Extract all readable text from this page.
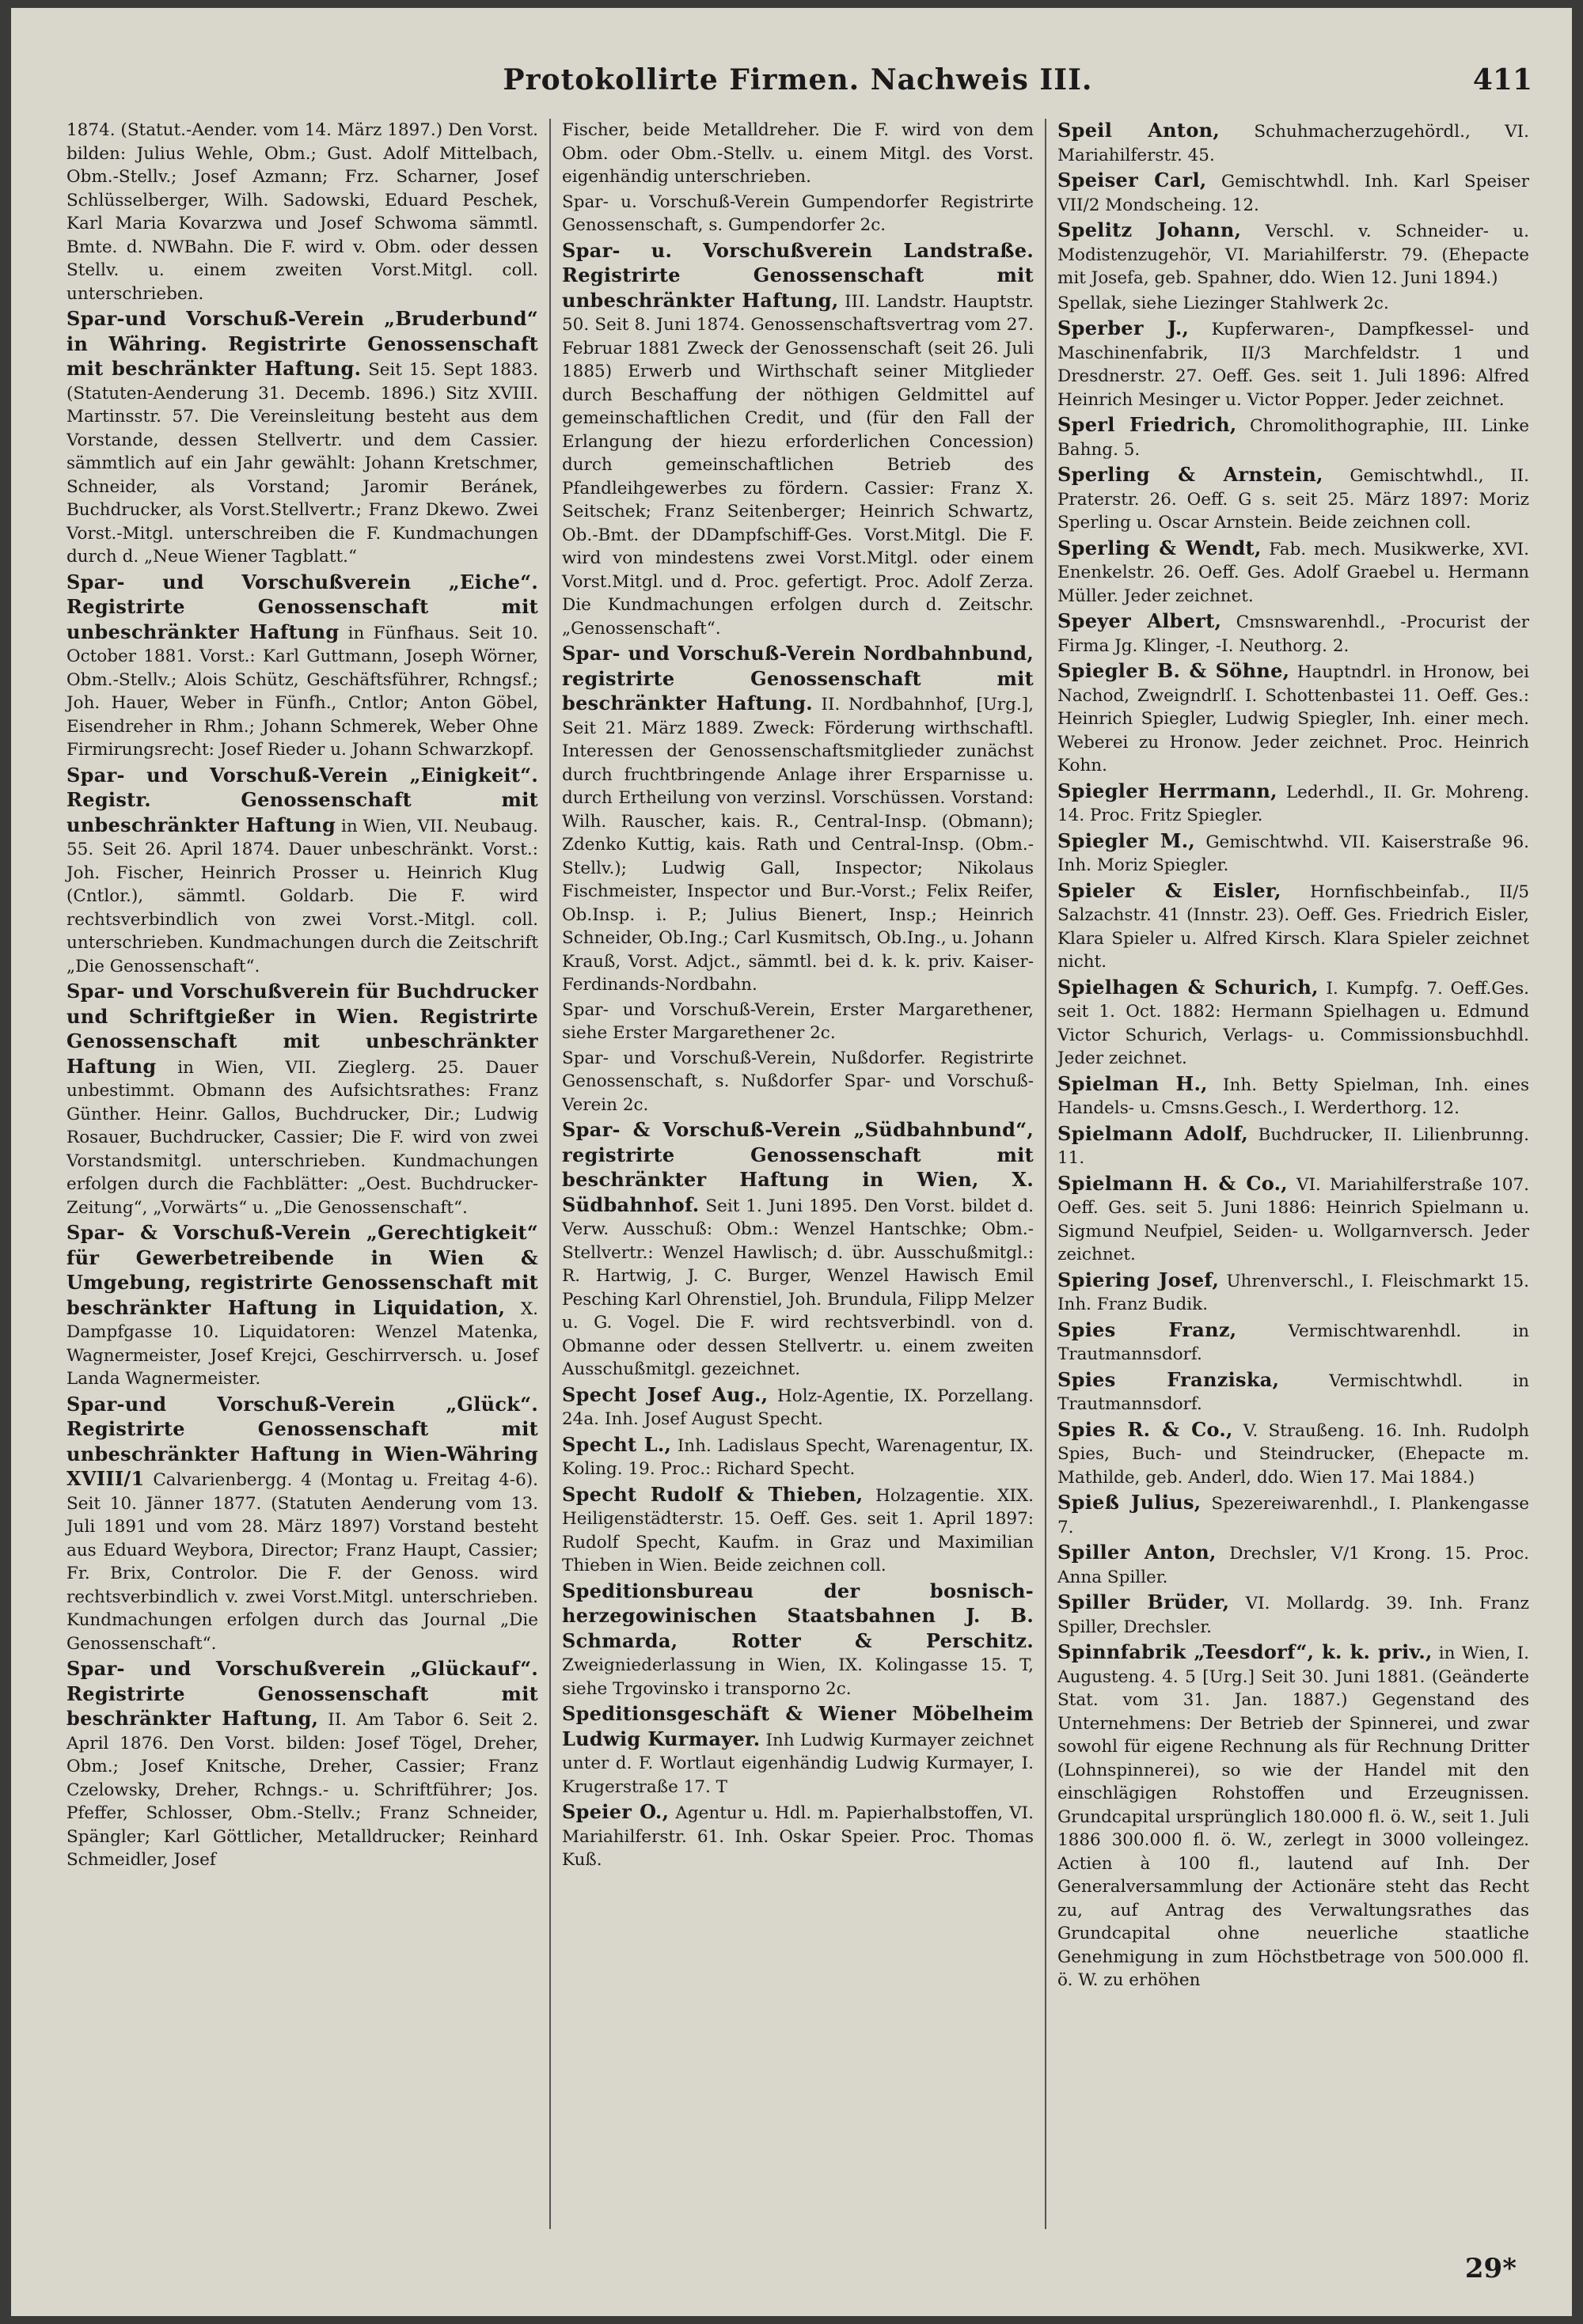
Protokollirte Firmen. Nachweis III.	411

1874. (Statut.-Aender. vom 14. März 1897.) Den Vorst. bilden: Julius Wehle, Obm.; Gust. Adolf Mittelbach, Obm.-Stellv.; Josef Azmann; Frz. Scharner, Josef Schlüsselberger, Wilh. Sadowski, Eduard Peschek, Karl Maria Kovarzwa und Josef Schwoma sämmtl. Bmte. d. NWBahn. Die F. wird v. Obm. oder dessen Stellv. u. einem zweiten Vorst.Mitgl. coll. unterschrieben.

Spar-und Vorschuß-Verein „Bruderbund“ in Währing. Registrirte Genossenschaft mit beschränkter Haftung. Seit 15. Sept 1883. (Statuten-Aenderung 31. Decemb. 1896.) Sitz XVIII. Martinsstr. 57. Die Vereinsleitung besteht aus dem Vorstande, dessen Stellvertr. und dem Cassier. sämmtlich auf ein Jahr gewählt: Johann Kretschmer, Schneider, als Vorstand; Jaromir Beránek, Buchdrucker, als Vorst.Stellvertr.; Franz Dkewo. Zwei Vorst.-Mitgl. unterschreiben die F. Kundmachungen durch d. „Neue Wiener Tagblatt.“

Spar- und Vorschußverein „Eiche“. Registrirte Genossenschaft mit unbeschränkter Haftung in Fünfhaus. Seit 10. October 1881. Vorst.: Karl Guttmann, Joseph Wörner, Obm.-Stellv.; Alois Schütz, Geschäftsführer, Rchngsf.; Joh. Hauer, Weber in Fünfh., Cntlor; Anton Göbel, Eisendreher in Rhm.; Johann Schmerek, Weber Ohne Firmirungsrecht: Josef Rieder u. Johann Schwarzkopf.

Spar- und Vorschuß-Verein „Einigkeit“. Registr. Genossenschaft mit unbeschränkter Haftung in Wien, VII. Neubaug. 55. Seit 26. April 1874. Dauer unbeschränkt. Vorst.: Joh. Fischer, Heinrich Prosser u. Heinrich Klug (Cntlor.), sämmtl. Goldarb. Die F. wird rechtsverbindlich von zwei Vorst.-Mitgl. coll. unterschrieben. Kundmachungen durch die Zeitschrift „Die Genossenschaft“.

Spar- und Vorschußverein für Buchdrucker und Schriftgießer in Wien. Registrirte Genossenschaft mit unbeschränkter Haftung in Wien, VII. Zieglerg. 25. Dauer unbestimmt. Obmann des Aufsichtsrathes: Franz Günther. Heinr. Gallos, Buchdrucker, Dir.; Ludwig Rosauer, Buchdrucker, Cassier; Die F. wird von zwei Vorstandsmitgl. unterschrieben. Kundmachungen erfolgen durch die Fachblätter: „Oest. Buchdrucker-Zeitung“, „Vorwärts“ u. „Die Genossenschaft“.

Spar- & Vorschuß-Verein „Gerechtigkeit“ für Gewerbetreibende in Wien & Umgebung, registrirte Genossenschaft mit beschränkter Haftung in Liquidation, X. Dampfgasse 10. Liquidatoren: Wenzel Matenka, Wagnermeister, Josef Krejci, Geschirrversch. u. Josef Landa Wagnermeister.

Spar-und Vorschuß-Verein „Glück“. Registrirte Genossenschaft mit unbeschränkter Haftung in Wien-Währing XVIII/1 Calvarienbergg. 4 (Montag u. Freitag 4-6). Seit 10. Jänner 1877. (Statuten Aenderung vom 13. Juli 1891 und vom 28. März 1897) Vorstand besteht aus Eduard Weybora, Director; Franz Haupt, Cassier; Fr. Brix, Controlor. Die F. der Genoss. wird rechtsverbindlich v. zwei Vorst.Mitgl. unterschrieben. Kundmachungen erfolgen durch das Journal „Die Genossenschaft“.

Spar- und Vorschußverein „Glückauf“. Registrirte Genossenschaft mit beschränkter Haftung, II. Am Tabor 6. Seit 2. April 1876. Den Vorst. bilden: Josef Tögel, Dreher, Obm.; Josef Knitsche, Dreher, Cassier; Franz Czelowsky, Dreher, Rchngs.- u. Schriftführer; Jos. Pfeffer, Schlosser, Obm.-Stellv.; Franz Schneider, Spängler; Karl Göttlicher, Metalldrucker; Reinhard Schmeidler, Josef

Fischer, beide Metalldreher. Die F. wird von dem Obm. oder Obm.-Stellv. u. einem Mitgl. des Vorst. eigenhändig unterschrieben.

Spar- u. Vorschuß-Verein Gumpendorfer Registrirte Genossenschaft, s. Gumpendorfer 2c.

Spar- u. Vorschußverein Landstraße. Registrirte Genossenschaft mit unbeschränkter Haftung, III. Landstr. Hauptstr. 50. Seit 8. Juni 1874. Genossenschaftsvertrag vom 27. Februar 1881 Zweck der Genossenschaft (seit 26. Juli 1885) Erwerb und Wirthschaft seiner Mitglieder durch Beschaffung der nöthigen Geldmittel auf gemeinschaftlichen Credit, und (für den Fall der Erlangung der hiezu erforderlichen Concession) durch gemeinschaftlichen Betrieb des Pfandleihgewerbes zu fördern. Cassier: Franz X. Seitschek; Franz Seitenberger; Heinrich Schwartz, Ob.-Bmt. der DDampfschiff-Ges. Vorst.Mitgl. Die F. wird von mindestens zwei Vorst.Mitgl. oder einem Vorst.Mitgl. und d. Proc. gefertigt. Proc. Adolf Zerza. Die Kundmachungen erfolgen durch d. Zeitschr. „Genossenschaft“.

Spar- und Vorschuß-Verein Nordbahnbund, registrirte Genossenschaft mit beschränkter Haftung. II. Nordbahnhof, [Urg.], Seit 21. März 1889. Zweck: Förderung wirthschaftl. Interessen der Genossenschaftsmitglieder zunächst durch fruchtbringende Anlage ihrer Ersparnisse u. durch Ertheilung von verzinsl. Vorschüssen. Vorstand: Wilh. Rauscher, kais. R., Central-Insp. (Obmann); Zdenko Kuttig, kais. Rath und Central-Insp. (Obm.-Stellv.); Ludwig Gall, Inspector; Nikolaus Fischmeister, Inspector und Bur.-Vorst.; Felix Reifer, Ob.Insp. i. P.; Julius Bienert, Insp.; Heinrich Schneider, Ob.Ing.; Carl Kusmitsch, Ob.Ing., u. Johann Krauß, Vorst. Adjct., sämmtl. bei d. k. k. priv. Kaiser-Ferdinands-Nordbahn.

Spar- und Vorschuß-Verein, Erster Margarethener, siehe Erster Margarethener 2c.

Spar- und Vorschuß-Verein, Nußdorfer. Registrirte Genossenschaft, s. Nußdorfer Spar- und Vorschuß-Verein 2c.

Spar- & Vorschuß-Verein „Südbahnbund“, registrirte Genossenschaft mit beschränkter Haftung in Wien, X. Südbahnhof. Seit 1. Juni 1895. Den Vorst. bildet d. Verw. Ausschuß: Obm.: Wenzel Hantschke; Obm.-Stellvertr.: Wenzel Hawlisch; d. übr. Ausschußmitgl.: R. Hartwig, J. C. Burger, Wenzel Hawisch Emil Pesching Karl Ohrenstiel, Joh. Brundula, Filipp Melzer u. G. Vogel. Die F. wird rechtsverbindl. von d. Obmanne oder dessen Stellvertr. u. einem zweiten Ausschußmitgl. gezeichnet.

Specht Josef Aug., Holz-Agentie, IX. Porzellang. 24a. Inh. Josef August Specht.

Specht L., Inh. Ladislaus Specht, Warenagentur, IX. Koling. 19. Proc.: Richard Specht.

Specht Rudolf & Thieben, Holzagentie. XIX. Heiligenstädterstr. 15. Oeff. Ges. seit 1. April 1897: Rudolf Specht, Kaufm. in Graz und Maximilian Thieben in Wien. Beide zeichnen coll.

Speditionsbureau der bosnisch-herzegowinischen Staatsbahnen J. B. Schmarda, Rotter & Perschitz. Zweigniederlassung in Wien, IX. Kolingasse 15. T, siehe Trgovinsko i transporno 2c.

Speditionsgeschäft & Wiener Möbelheim Ludwig Kurmayer. Inh Ludwig Kurmayer zeichnet unter d. F. Wortlaut eigenhändig Ludwig Kurmayer, I. Krugerstraße 17. T

Speier O., Agentur u. Hdl. m. Papierhalbstoffen, VI. Mariahilferstr. 61. Inh. Oskar Speier. Proc. Thomas Kuß.

Speil Anton, Schuhmacherzugehördl., VI. Mariahilferstr. 45.

Speiser Carl, Gemischtwhdl. Inh. Karl Speiser VII/2 Mondscheing. 12.

Spelitz Johann, Verschl. v. Schneider- u. Modistenzugehör, VI. Mariahilferstr. 79. (Ehepacte mit Josefa, geb. Spahner, ddo. Wien 12. Juni 1894.)

Spellak, siehe Liezinger Stahlwerk 2c.

Sperber J., Kupferwaren-, Dampfkessel- und Maschinenfabrik, II/3 Marchfeldstr. 1 und Dresdnerstr. 27. Oeff. Ges. seit 1. Juli 1896: Alfred Heinrich Mesinger u. Victor Popper. Jeder zeichnet.

Sperl Friedrich, Chromolithographie, III. Linke Bahng. 5.

Sperling & Arnstein, Gemischtwhdl., II. Praterstr. 26. Oeff. G s. seit 25. März 1897: Moriz Sperling u. Oscar Arnstein. Beide zeichnen coll.

Sperling & Wendt, Fab. mech. Musikwerke, XVI. Enenkelstr. 26. Oeff. Ges. Adolf Graebel u. Hermann Müller. Jeder zeichnet.

Speyer Albert, Cmsnswarenhdl., -Procurist der Firma Jg. Klinger, -I. Neuthorg. 2.

Spiegler B. & Söhne, Hauptndrl. in Hronow, bei Nachod, Zweigndrlſ. I. Schottenbastei 11. Oeff. Ges.: Heinrich Spiegler, Ludwig Spiegler, Inh. einer mech. Weberei zu Hronow. Jeder zeichnet. Proc. Heinrich Kohn.

Spiegler Herrmann, Lederhdl., II. Gr. Mohreng. 14. Proc. Fritz Spiegler.

Spiegler M., Gemischtwhd. VII. Kaiserstraße 96. Inh. Moriz Spiegler.

Spieler & Eisler, Hornfischbeinfab., II/5 Salzachstr. 41 (Innstr. 23). Oeff. Ges. Friedrich Eisler, Klara Spieler u. Alfred Kirsch. Klara Spieler zeichnet nicht.

Spielhagen & Schurich, I. Kumpfg. 7. Oeff.Ges. seit 1. Oct. 1882: Hermann Spielhagen u. Edmund Victor Schurich, Verlags- u. Commissionsbuchhdl. Jeder zeichnet.

Spielman H., Inh. Betty Spielman, Inh. eines Handels- u. Cmsns.Gesch., I. Werderthorg. 12.

Spielmann Adolf, Buchdrucker, II. Lilienbrunng. 11.

Spielmann H. & Co., VI. Mariahilferstraße 107. Oeff. Ges. seit 5. Juni 1886: Heinrich Spielmann u. Sigmund Neufpiel, Seiden- u. Wollgarnversch. Jeder zeichnet.

Spiering Josef, Uhrenverschl., I. Fleischmarkt 15. Inh. Franz Budik.

Spies Franz,	Vermischtwarenhdl. in Trautmannsdorf.

Spies Franziska,	Vermischtwhdl. in Trautmannsdorf.

Spies R. & Co., V. Straußeng. 16. Inh. Rudolph Spies, Buch- und Steindrucker, (Ehepacte m. Mathilde, geb. Anderl, ddo. Wien 17. Mai 1884.)

Spieß Julius, Spezereiwarenhdl., I. Plankengasse 7.

Spiller Anton, Drechsler, V/1 Krong. 15. Proc. Anna Spiller.

Spiller Brüder, VI. Mollardg. 39. Inh. Franz Spiller, Drechsler.

Spinnfabrik „Teesdorf“, k. k. priv., in Wien, I. Augusteng. 4. 5 [Urg.] Seit 30. Juni 1881. (Geänderte Stat. vom 31. Jan. 1887.) Gegenstand des Unternehmens: Der Betrieb der Spinnerei, und zwar sowohl für eigene Rechnung als für Rechnung Dritter (Lohnspinnerei), so wie der Handel mit den einschlägigen Rohstoffen und Erzeugnissen. Grundcapital ursprünglich 180.000 fl. ö. W., seit 1. Juli 1886 300.000 fl. ö. W., zerlegt in 3000 volleingez. Actien à 100 fl., lautend auf Inh. Der Generalversammlung der Actionäre steht das Recht zu, auf Antrag des Verwaltungsrathes das Grundcapital ohne neuerliche staatliche Genehmigung in zum Höchstbetrage von 500.000 fl. ö. W. zu erhöhen

29*
